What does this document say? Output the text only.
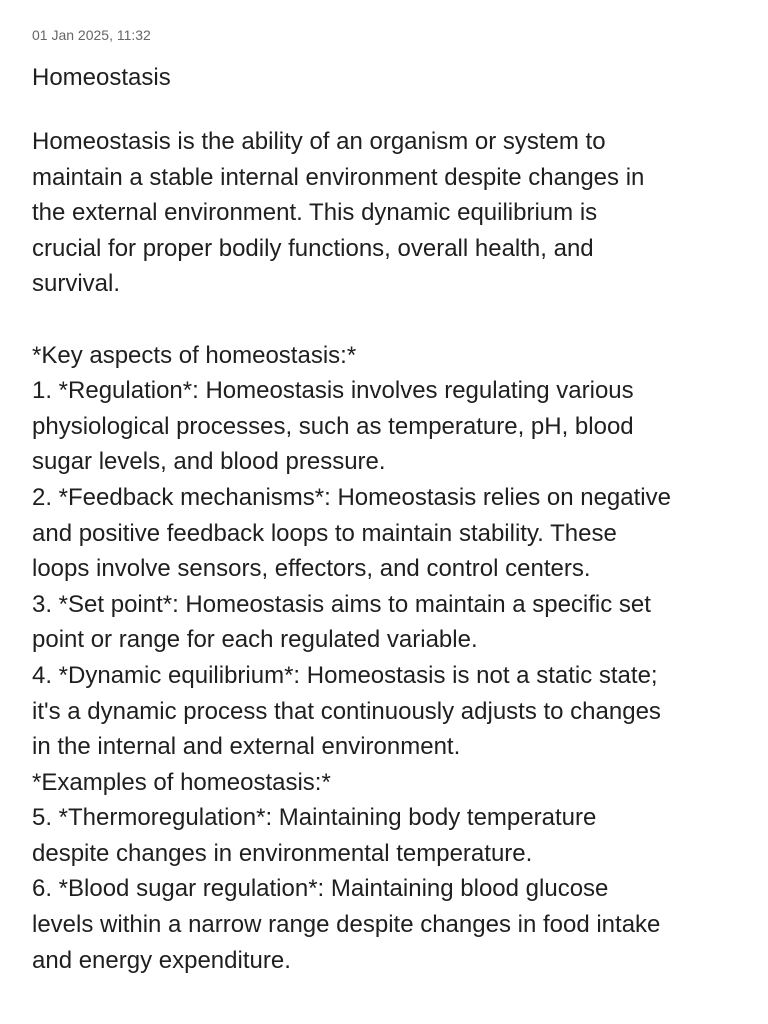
01 Jan 2025, 11:32
Homeostasis
Homeostasis is the ability of an organism or system to
maintain a stable internal environment despite changes in
the external environment. This dynamic equilibrium is
crucial for proper bodily functions, overall health, and
survival.
*Key aspects of homeostasis:*
1. *Regulation*: Homeostasis involves regulating various
physiological processes, such as temperature, pH, blood
sugar levels, and blood pressure.
2. *Feedback mechanisms*: Homeostasis relies on negative
and positive feedback loops to maintain stability. These
loops involve sensors, effectors, and control centers.
3. *Set point*: Homeostasis aims to maintain a specific set
point or range for each regulated variable.
4. *Dynamic equilibrium*: Homeostasis is not a static state;
it's a dynamic process that continuously adjusts to changes
in the internal and external environment.
*Examples of homeostasis:*
5. *Thermoregulation*: Maintaining body temperature
despite changes in environmental temperature.
6. *Blood sugar regulation*: Maintaining blood glucose
levels within a narrow range despite changes in food intake
and energy expenditure.
